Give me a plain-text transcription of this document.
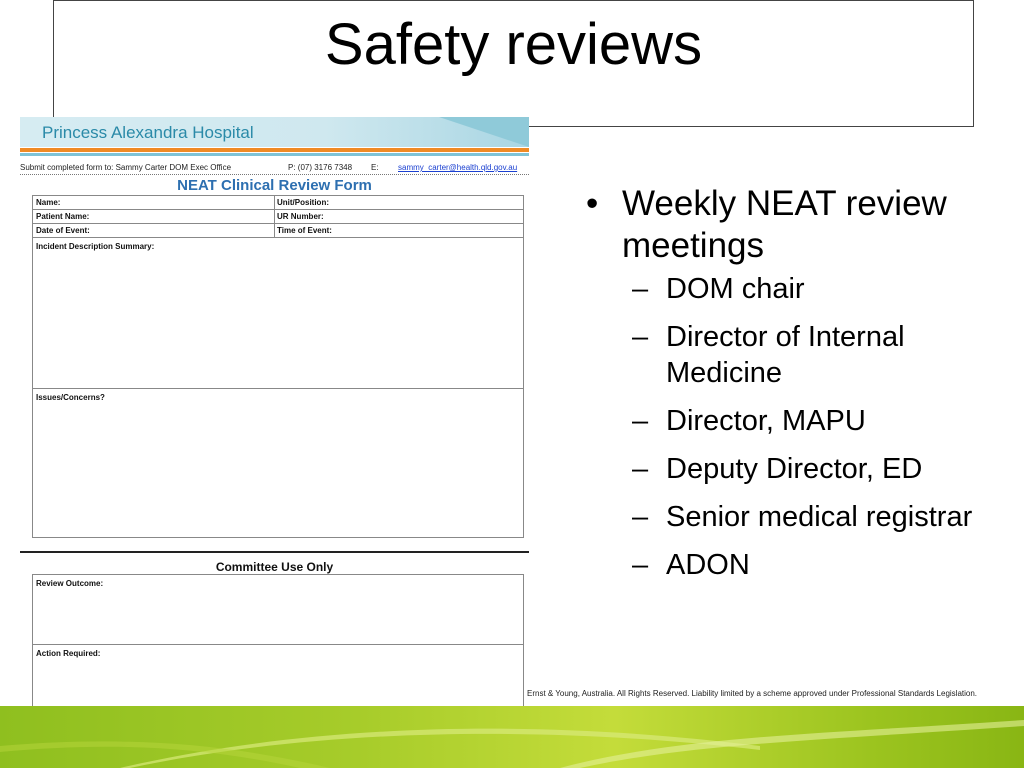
Safety reviews
Princess Alexandra Hospital
Submit completed form to: Sammy Carter DOM Exec Office	P: (07) 3176 7348 E: sammy_carter@health.qld.gov.au
NEAT Clinical Review Form
Name:	Unit/Position:
Patient Name:	UR Number:
Date of Event:	Time of Event:
Incident Description Summary:
Issues/Concerns?
Committee Use Only
Review Outcome:
Action Required:
• Weekly NEAT review meetings
– DOM chair
– Director of Internal Medicine
– Director, MAPU
– Deputy Director, ED
– Senior medical registrar
– ADON
Ernst & Young, Australia. All Rights Reserved. Liability limited by a scheme approved under Professional Standards Legislation.
